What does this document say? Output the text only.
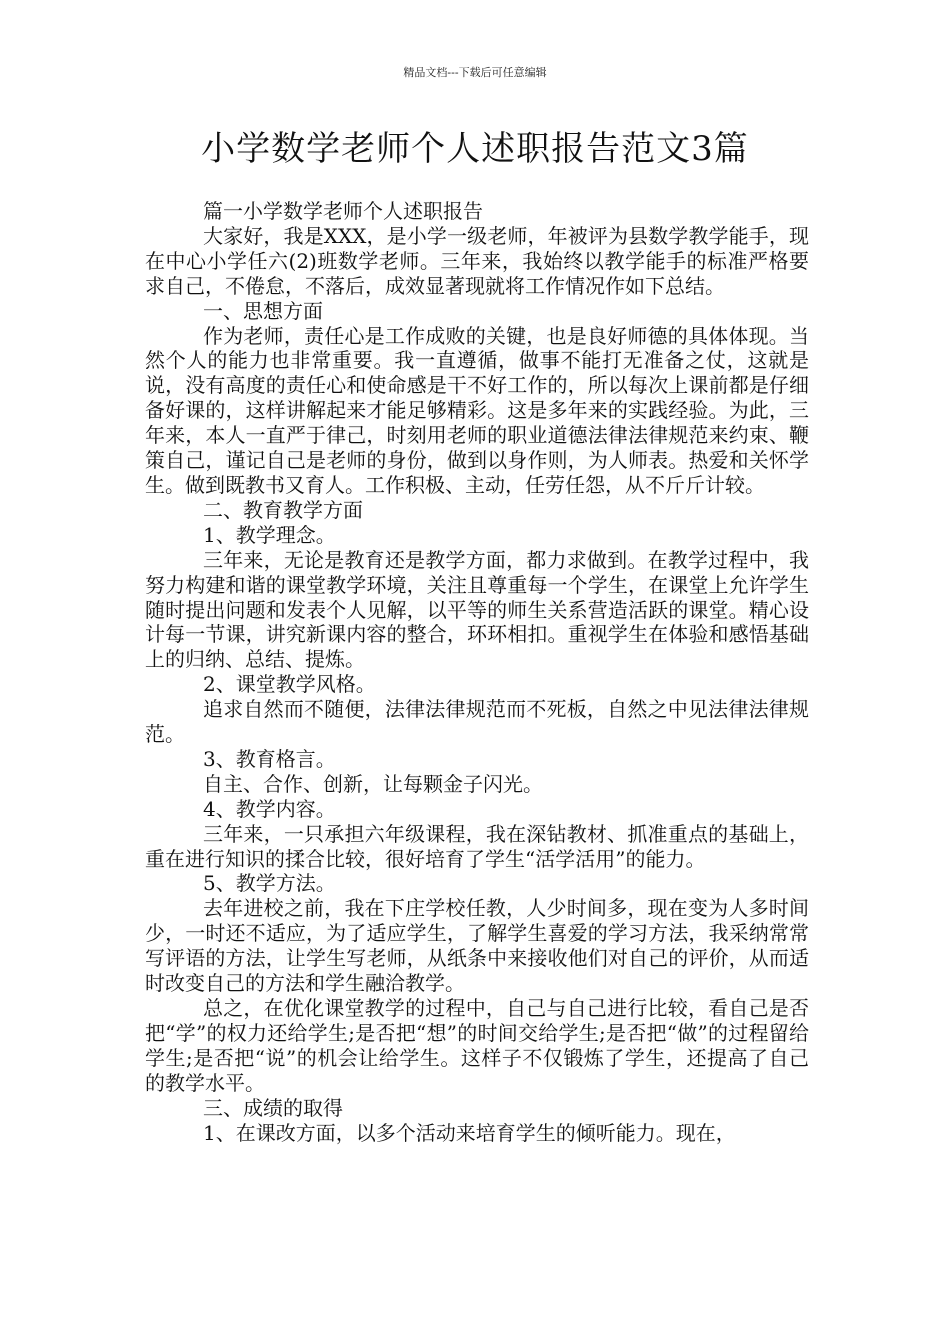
精品文档---下载后可任意编辑
小学数学老师个人述职报告范文3篇

篇一小学数学老师个人述职报告

大家好，我是XXX，是小学一级老师，年被评为县数学教学能手，现在中心小学任六(2)班数学老师。三年来，我始终以教学能手的标准严格要求自己，不倦怠，不落后，成效显著现就将工作情况作如下总结。

一、思想方面

作为老师，责任心是工作成败的关键，也是良好师德的具体体现。当然个人的能力也非常重要。我一直遵循，做事不能打无准备之仗，这就是说，没有高度的责任心和使命感是干不好工作的，所以每次上课前都是仔细备好课的，这样讲解起来才能足够精彩。这是多年来的实践经验。为此，三年来，本人一直严于律己，时刻用老师的职业道德法律法律规范来约束、鞭策自己，谨记自己是老师的身份，做到以身作则，为人师表。热爱和关怀学生。做到既教书又育人。工作积极、主动，任劳任怨，从不斤斤计较。

二、教育教学方面

1、教学理念。

三年来，无论是教育还是教学方面，都力求做到。在教学过程中，我努力构建和谐的课堂教学环境，关注且尊重每一个学生，在课堂上允许学生随时提出问题和发表个人见解，以平等的师生关系营造活跃的课堂。精心设计每一节课，讲究新课内容的整合，环环相扣。重视学生在体验和感悟基础上的归纳、总结、提炼。

2、课堂教学风格。

追求自然而不随便，法律法律规范而不死板，自然之中见法律法律规范。

3、教育格言。

自主、合作、创新，让每颗金子闪光。

4、教学内容。

三年来，一只承担六年级课程，我在深钻教材、抓准重点的基础上，重在进行知识的揉合比较，很好培育了学生“活学活用”的能力。

5、教学方法。

去年进校之前，我在下庄学校任教，人少时间多，现在变为人多时间少，一时还不适应，为了适应学生，了解学生喜爱的学习方法，我采纳常常写评语的方法，让学生写老师，从纸条中来接收他们对自己的评价，从而适时改变自己的方法和学生融洽教学。

总之，在优化课堂教学的过程中，自己与自己进行比较，看自己是否把“学”的权力还给学生;是否把“想”的时间交给学生;是否把“做”的过程留给学生;是否把“说”的机会让给学生。这样子不仅锻炼了学生，还提高了自己的教学水平。

三、成绩的取得

1、在课改方面，以多个活动来培育学生的倾听能力。现在，
